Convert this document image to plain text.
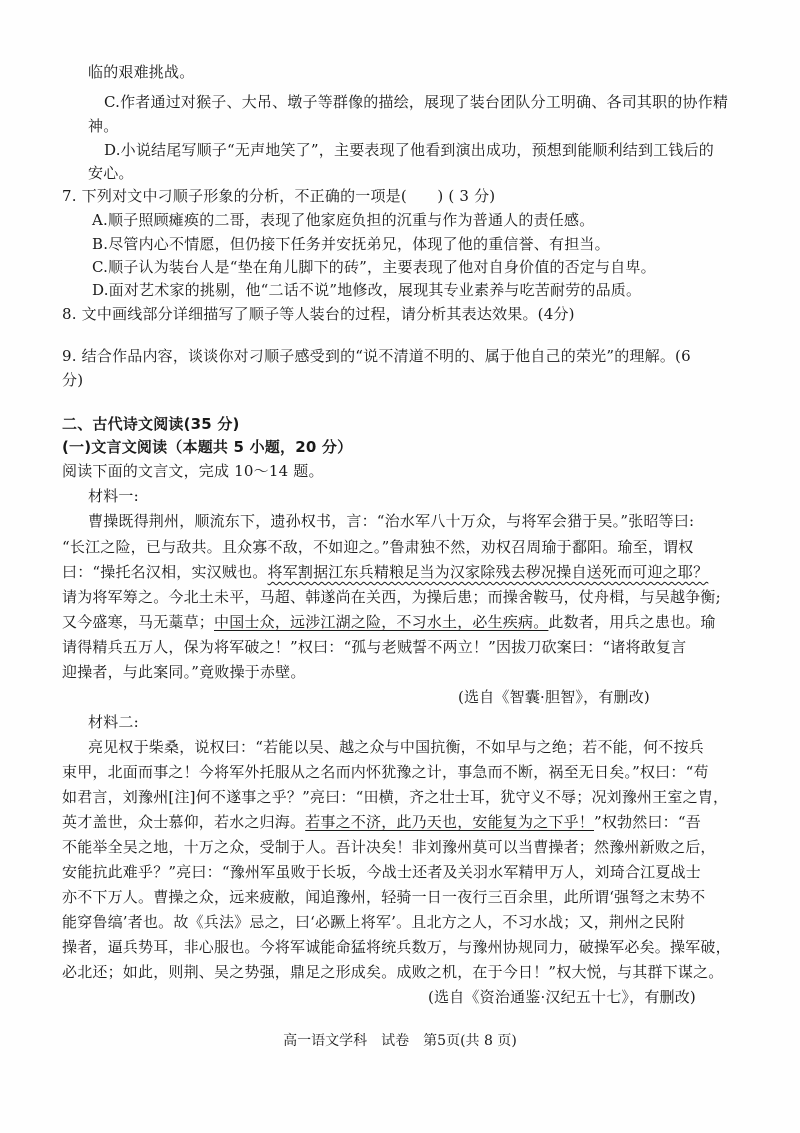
临的艰难挑战。
C.作者通过对猴子、大吊、墩子等群像的描绘，展现了装台团队分工明确、各司其职的协作精
神。
D.小说结尾写顺子“无声地笑了”，主要表现了他看到演出成功，预想到能顺利结到工钱后的
安心。
7. 下列对文中刁顺子形象的分析，不正确的一项是(　　) ( 3 分)
A.顺子照顾瘫痪的二哥，表现了他家庭负担的沉重与作为普通人的责任感。
B.尽管内心不情愿，但仍接下任务并安抚弟兄，体现了他的重信誉、有担当。
C.顺子认为装台人是“垫在角儿脚下的砖”，主要表现了他对自身价值的否定与自卑。
D.面对艺术家的挑剔，他“二话不说”地修改，展现其专业素养与吃苦耐劳的品质。
8. 文中画线部分详细描写了顺子等人装台的过程，请分析其表达效果。(4分)
9. 结合作品内容，谈谈你对刁顺子感受到的“说不清道不明的、属于他自己的荣光”的理解。(6
分)
二、古代诗文阅读(35 分)
(一)文言文阅读（本题共 5 小题，20 分）
阅读下面的文言文，完成 10～14 题。
材料一:
曹操既得荆州，顺流东下，遗孙权书，言：“治水军八十万众，与将军会猎于吴。”张昭等曰:
“长江之险，已与敌共。且众寡不敌，不如迎之。”鲁肃独不然，劝权召周瑜于鄱阳。瑜至，谓权
曰：“操托名汉相，实汉贼也。将军割据江东兵精粮足当为汉家除残去秽况操自送死而可迎之耶？
请为将军筹之。今北土未平，马超、韩遂尚在关西，为操后患；而操舍鞍马，仗舟楫，与吴越争衡;
又今盛寒，马无藁草；中国士众，远涉江湖之险，不习水土，必生疾病。此数者，用兵之患也。瑜
请得精兵五万人，保为将军破之！”权曰：“孤与老贼誓不两立！”因拔刀砍案曰：“诸将敢复言
迎操者，与此案同。”竟败操于赤壁。
(选自《智囊·胆智》，有删改)
材料二:
亮见权于柴桑，说权曰：“若能以吴、越之众与中国抗衡，不如早与之绝；若不能，何不按兵
束甲，北面而事之！今将军外托服从之名而内怀犹豫之计，事急而不断，祸至无日矣。”权曰：“苟
如君言，刘豫州[注]何不遂事之乎？”亮曰：“田横，齐之壮士耳，犹守义不辱；况刘豫州王室之胄，
英才盖世，众士慕仰，若水之归海。若事之不济，此乃天也，安能复为之下乎！”权勃然曰：“吾
不能举全吴之地，十万之众，受制于人。吾计决矣！非刘豫州莫可以当曹操者；然豫州新败之后，
安能抗此难乎？”亮曰：“豫州军虽败于长坂，今战士还者及关羽水军精甲万人，刘琦合江夏战士
亦不下万人。曹操之众，远来疲敝，闻追豫州，轻骑一日一夜行三百余里，此所谓‘强弩之末势不
能穿鲁缟’者也。故《兵法》忌之，曰‘必蹶上将军’。且北方之人，不习水战；又，荆州之民附
操者，逼兵势耳，非心服也。今将军诚能命猛将统兵数万，与豫州协规同力，破操军必矣。操军破，
必北还；如此，则荆、吴之势强，鼎足之形成矣。成败之机，在于今日！”权大悦，与其群下谋之。
(选自《资治通鉴·汉纪五十七》，有删改)
高一语文学科　试卷　第5页(共 8 页)
